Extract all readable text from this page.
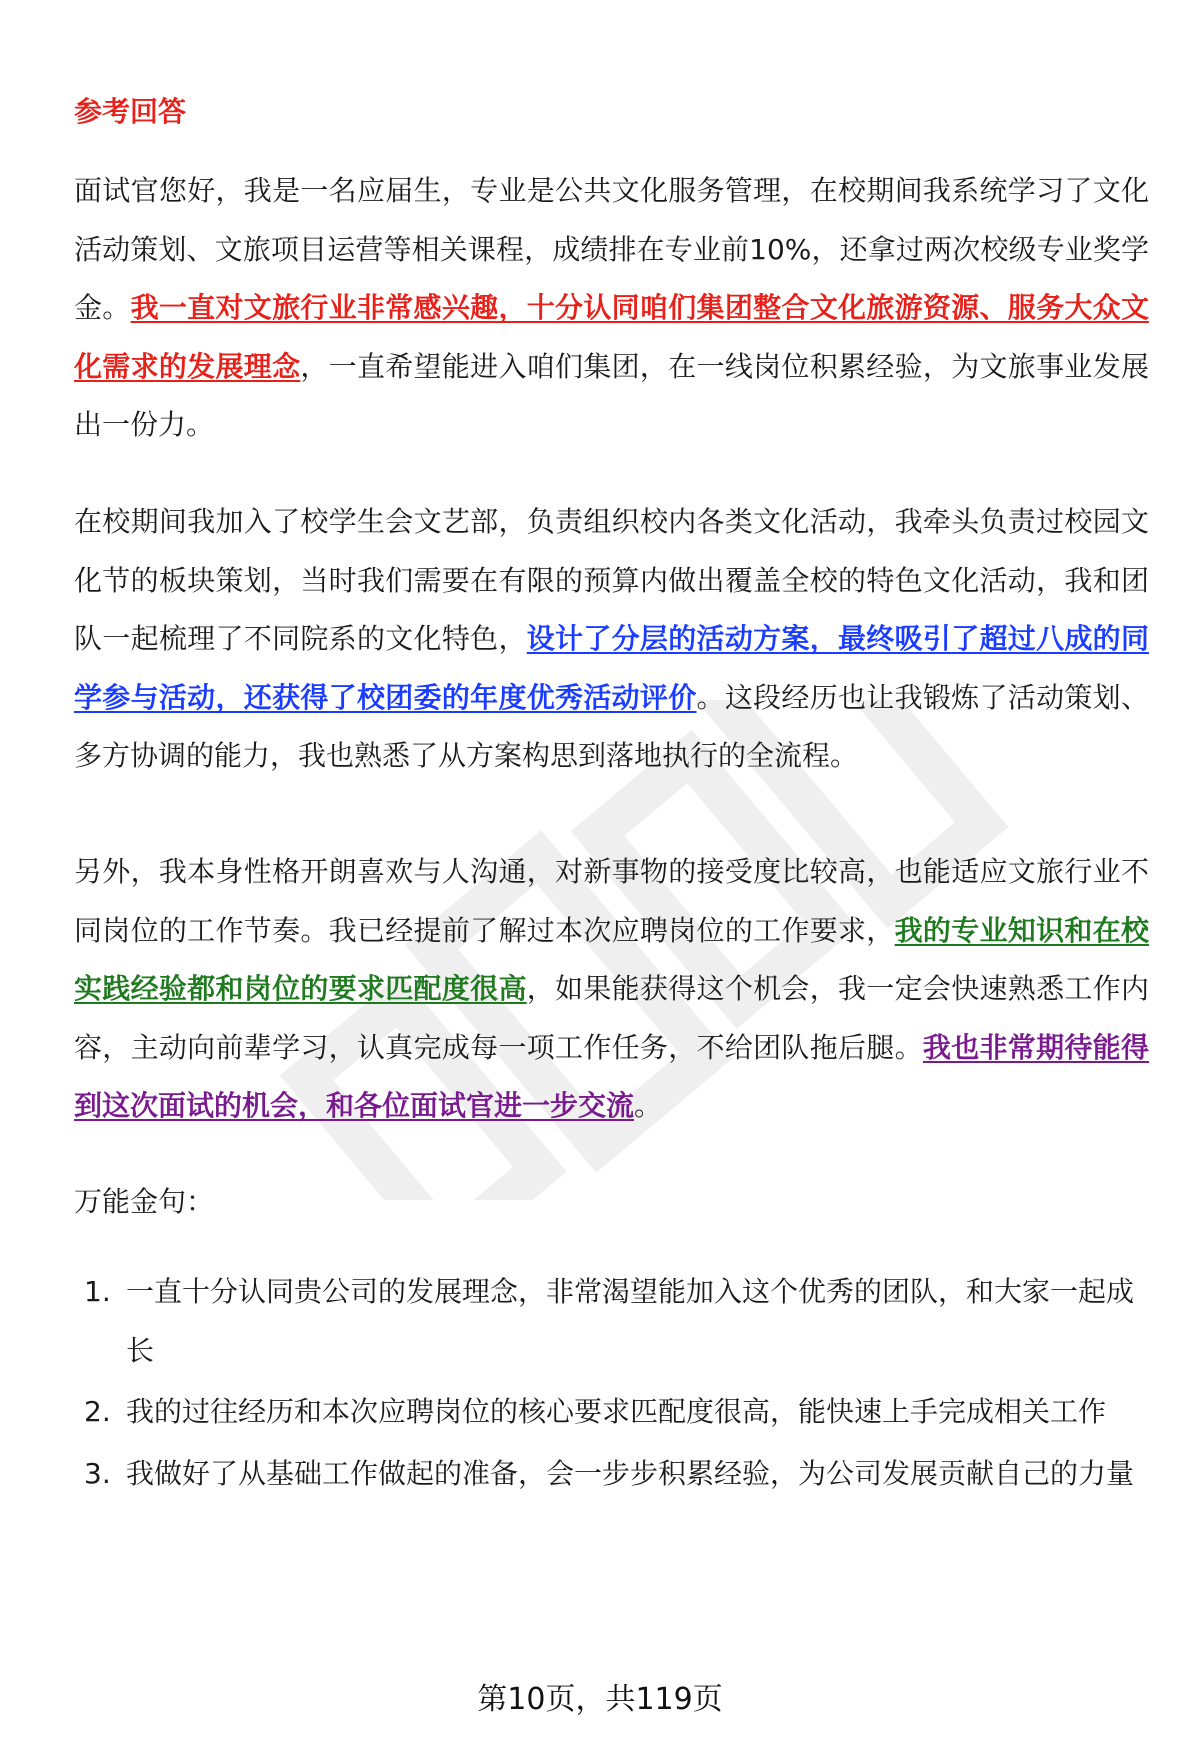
参考回答

面试官您好，我是一名应届生，专业是公共文化服务管理，在校期间我系统学习了文化活动策划、文旅项目运营等相关课程，成绩排在专业前10%，还拿过两次校级专业奖学金。我一直对文旅行业非常感兴趣，十分认同咱们集团整合文化旅游资源、服务大众文化需求的发展理念，一直希望能进入咱们集团，在一线岗位积累经验，为文旅事业发展出一份力。

在校期间我加入了校学生会文艺部，负责组织校内各类文化活动，我牵头负责过校园文化节的板块策划，当时我们需要在有限的预算内做出覆盖全校的特色文化活动，我和团队一起梳理了不同院系的文化特色，设计了分层的活动方案，最终吸引了超过八成的同学参与活动，还获得了校团委的年度优秀活动评价。这段经历也让我锻炼了活动策划、多方协调的能力，我也熟悉了从方案构思到落地执行的全流程。

另外，我本身性格开朗喜欢与人沟通，对新事物的接受度比较高，也能适应文旅行业不同岗位的工作节奏。我已经提前了解过本次应聘岗位的工作要求，我的专业知识和在校实践经验都和岗位的要求匹配度很高，如果能获得这个机会，我一定会快速熟悉工作内容，主动向前辈学习，认真完成每一项工作任务，不给团队拖后腿。我也非常期待能得到这次面试的机会，和各位面试官进一步交流。

万能金句：
1. 一直十分认同贵公司的发展理念，非常渴望能加入这个优秀的团队，和大家一起成长
2. 我的过往经历和本次应聘岗位的核心要求匹配度很高，能快速上手完成相关工作
3. 我做好了从基础工作做起的准备，会一步步积累经验，为公司发展贡献自己的力量
第10页，共119页
